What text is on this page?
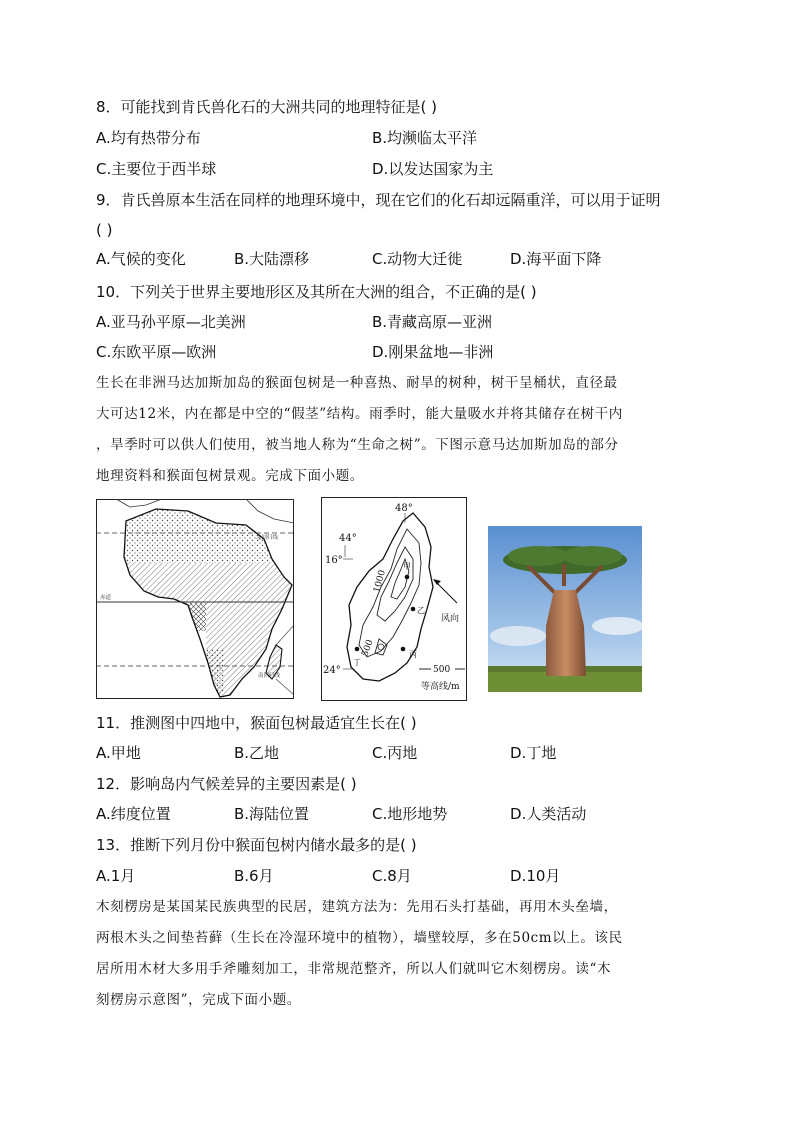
8．可能找到肯氏兽化石的大洲共同的地理特征是( )
A.均有热带分布	B.均濒临太平洋
C.主要位于西半球	D.以发达国家为主
9．肯氏兽原本生活在同样的地理环境中，现在它们的化石却远隔重洋，可以用于证明
( )
A.气候的变化	B.大陆漂移	C.动物大迁徙	D.海平面下降
10．下列关于世界主要地形区及其所在大洲的组合，不正确的是( )
A.亚马孙平原—北美洲	B.青藏高原—亚洲
C.东欧平原—欧洲	D.刚果盆地—非洲

生长在非洲马达加斯加岛的猴面包树是一种喜热、耐旱的树种，树干呈桶状，直径最

大可达12米，内在都是中空的“假茎”结构。雨季时，能大量吸水并将其储存在树干内

，旱季时可以供人们使用，被当地人称为“生命之树”。下图示意马达加斯加岛的部分

地理资料和猴面包树景观。完成下面小题。

北回归线
赤道
南回归线
48°
44°
16°
24°
1000
500
甲
乙
丙
丁
风向
500
等高线/m
11．推测图中四地中，猴面包树最适宜生长在( )
A.甲地	B.乙地	C.丙地	D.丁地
12．影响岛内气候差异的主要因素是( )
A.纬度位置	B.海陆位置	C.地形地势	D.人类活动
13．推断下列月份中猴面包树内储水最多的是( )
A.1月	B.6月	C.8月	D.10月

木刻楞房是某国某民族典型的民居，建筑方法为：先用石头打基础，再用木头垒墙，

两根木头之间垫苔藓（生长在冷湿环境中的植物），墙壁较厚，多在50cm以上。该民

居所用木材大多用手斧雕刻加工，非常规范整齐，所以人们就叫它木刻楞房。读“木

刻楞房示意图”，完成下面小题。
